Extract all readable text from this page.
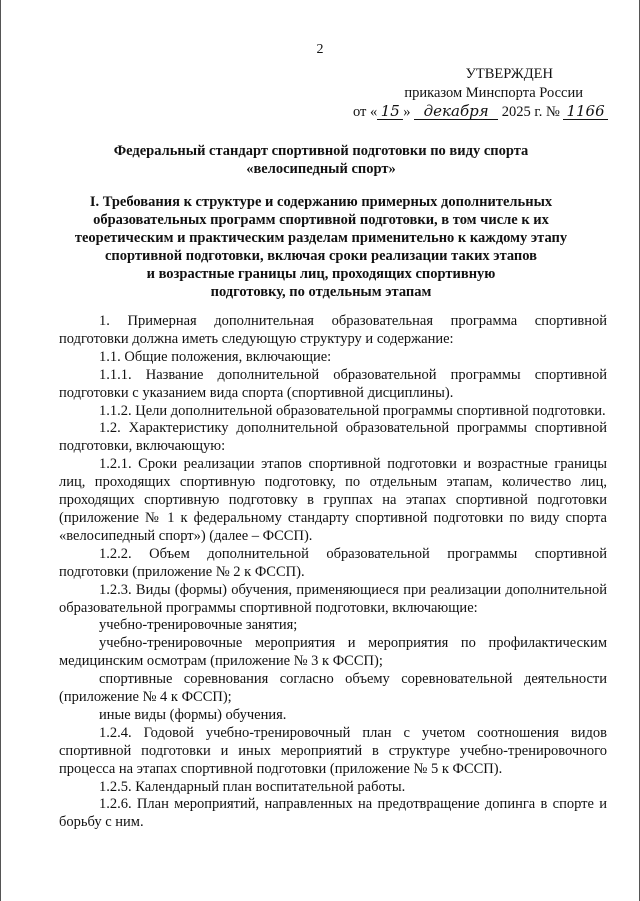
2
УТВЕРЖДЕН
приказом Минспорта России
от « 15 » декабря 2025 г. № 1166
Федеральный стандарт спортивной подготовки по виду спорта
«велосипедный спорт»
I. Требования к структуре и содержанию примерных дополнительных
образовательных программ спортивной подготовки, в том числе к их
теоретическим и практическим разделам применительно к каждому этапу
спортивной подготовки, включая сроки реализации таких этапов
и возрастные границы лиц, проходящих спортивную
подготовку, по отдельным этапам

1. Примерная дополнительная образовательная программа спортивной подготовки должна иметь следующую структуру и содержание:

1.1. Общие положения, включающие:

1.1.1. Название дополнительной образовательной программы спортивной подготовки с указанием вида спорта (спортивной дисциплины).

1.1.2. Цели дополнительной образовательной программы спортивной подготовки.

1.2. Характеристику дополнительной образовательной программы спортивной подготовки, включающую:

1.2.1. Сроки реализации этапов спортивной подготовки и возрастные границы лиц, проходящих спортивную подготовку, по отдельным этапам, количество лиц, проходящих спортивную подготовку в группах на этапах спортивной подготовки (приложение № 1 к федеральному стандарту спортивной подготовки по виду спорта «велосипедный спорт») (далее – ФССП).

1.2.2. Объем дополнительной образовательной программы спортивной подготовки (приложение № 2 к ФССП).

1.2.3. Виды (формы) обучения, применяющиеся при реализации дополнительной образовательной программы спортивной подготовки, включающие:

учебно-тренировочные занятия;

учебно-тренировочные мероприятия и мероприятия по профилактическим медицинским осмотрам (приложение № 3 к ФССП);

спортивные соревнования согласно объему соревновательной деятельности (приложение № 4 к ФССП);

иные виды (формы) обучения.

1.2.4. Годовой учебно-тренировочный план с учетом соотношения видов спортивной подготовки и иных мероприятий в структуре учебно-тренировочного процесса на этапах спортивной подготовки (приложение № 5 к ФССП).

1.2.5. Календарный план воспитательной работы.

1.2.6. План мероприятий, направленных на предотвращение допинга в спорте и борьбу с ним.
